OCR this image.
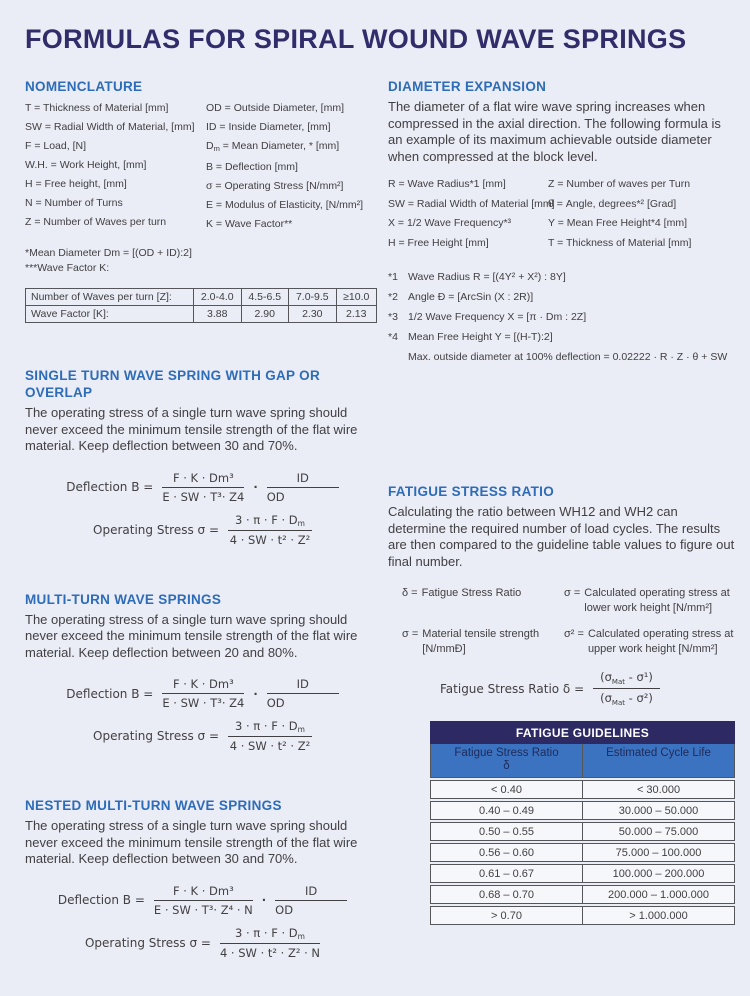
FORMULAS FOR SPIRAL WOUND WAVE SPRINGS
NOMENCLATURE
T = Thickness of Material [mm]
SW = Radial Width of Material, [mm]
F = Load, [N]
W.H. = Work Height, [mm]
H = Free height, [mm]
N = Number of Turns
Z = Number of Waves per turn
OD = Outside Diameter, [mm]
ID = Inside Diameter, [mm]
$D_m$ = Mean Diameter, * [mm]
B = Deflection [mm]
σ = Operating Stress [N/mm²]
E = Modulus of Elasticity, [N/mm²]
K = Wave Factor**
*Mean Diameter Dm = [(OD + ID):2]
***Wave Factor K:
Number of Waves per turn [Z]:	2.0-4.0	4.5-6.5	7.0-9.5	≥10.0
Wave Factor [K]:	3.88	2.90	2.30	2.13
SINGLE TURN WAVE SPRING WITH GAP OR OVERLAP

The operating stress of a single turn wave spring should never exceed the minimum tensile strength of the flat wire material. Keep deflection between 30 and 70%.

Deflection $B = \frac{\text{F · K · Dm³}}{\text{E · SW · T³· Z4}} \cdot \frac{ID}{OD}$
Operating Stress $\sigma = \frac{3 \cdot \pi \cdot F \cdot D_m}{\text{4 · SW · t² · Z²}}$
MULTI-TURN WAVE SPRINGS

The operating stress of a single turn wave spring should never exceed the minimum tensile strength of the flat wire material. Keep deflection between 20 and 80%.

Deflection $B = \frac{\text{F · K · Dm³}}{\text{E · SW · T³· Z4}} \cdot \frac{ID}{OD}$
Operating Stress $\sigma = \frac{3 \cdot \pi \cdot F \cdot D_m}{\text{4 · SW · t² · Z²}}$
NESTED MULTI-TURN WAVE SPRINGS

The operating stress of a single turn wave spring should never exceed the minimum tensile strength of the flat wire material. Keep deflection between 30 and 70%.

Deflection $B = \frac{\text{F · K · Dm³}}{\text{E · SW · T³· Z⁴ · N}} \cdot \frac{ID}{OD}$
Operating Stress $\sigma = \frac{3 \cdot \pi \cdot F \cdot D_m}{\text{4 · SW · t² · Z² · N}}$
DIAMETER EXPANSION

The diameter of a flat wire wave spring increases when compressed in the axial direction. The following formula is an example of its maximum achievable outside diameter when compressed at the block level.

R = Wave Radius*1 [mm]
SW = Radial Width of Material [mm]
X = 1/2 Wave Frequency*³
H = Free Height [mm]
Z = Number of waves per Turn
θ = Angle, degrees*² [Grad]
Y = Mean Free Height*4 [mm]
T = Thickness of Material [mm]
*1 Wave Radius R = [(4Y² + X²) : 8Y]
*2 Angle Ð = [ArcSin (X : 2R)]
*3 1/2 Wave Frequency X = [π · Dm : 2Z]
*4 Mean Free Height Y = [(H-T):2]
Max. outside diameter at 100% deflection = 0.02222 · R · Z · θ + SW
FATIGUE STRESS RATIO

Calculating the ratio between WH12 and WH2 can determine the required number of load cycles. The results are then compared to the guideline table values to figure out final number.

δ = Fatigue Stress Ratio	σ = Calculated operating stress at lower work height [N/mm²]
σ = Material tensile strength [N/mmÐ]
σ² = Calculated operating stress at upper work height [N/mm²]
Fatigue Stress Ratio $\delta = \frac{(\sigma_{Mat} - \sigma^1)}{(\sigma_{Mat} - \sigma^2)}$
FATIGUE GUIDELINES
Fatigue Stress Ratio
δ
Estimated Cycle Life
< 0.40	< 30.000
0.40 – 0.49	30.000 – 50.000
0.50 – 0.55	50.000 – 75.000
0.56 – 0.60	75.000 – 100.000
0.61 – 0.67	100.000 – 200.000
0.68 – 0.70	200.000 – 1.000.000
> 0.70	> 1.000.000
